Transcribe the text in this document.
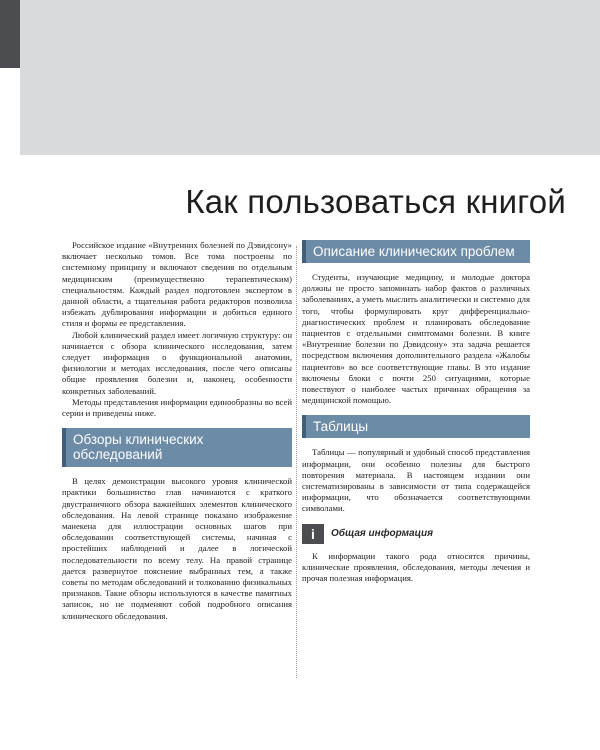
Как пользоваться книгой

Российское издание «Внутренних болезней по Дэвидсону» включает несколько томов. Все тома построены по системному принципу и включают сведения по отдельным медицинским (преимущественно терапевтическим) специальностям. Каждый раздел подготовлен экспертом в данной области, а тщательная работа редакторов позволила избежать дублирования информации и добиться единого стиля и формы ее представления.

Любой клинический раздел имеет логичную структуру: он начинается с обзора клинического исследования, затем следует информация о функциональной анатомии, физиологии и методах исследования, после чего описаны общие проявления болезни и, наконец, особенности конкретных заболеваний.

Методы представления информации единообразны во всей серии и приведены ниже.

Обзоры клинических обследований

В целях демонстрации высокого уровня клинической практики большинство глав начинаются с краткого двустраничного обзора важнейших элементов клинического обследования. На левой странице показано изображение манекена для иллюстрации основных шагов при обследовании соответствующей системы, начиная с простейших наблюдений и далее в логической последовательности по всему телу. На правой странице дается развернутое пояснение выбранных тем, а также советы по методам обследований и толкованию физикальных признаков. Такие обзоры используются в качестве памятных записок, но не подменяют собой подробного описания клинического обследования.

Описание клинических проблем

Студенты, изучающие медицину, и молодые доктора должны не просто запоминать набор фактов о различных заболеваниях, а уметь мыслить аналитически и системно для того, чтобы формулировать круг дифференциально-диагностических проблем и планировать обследование пациентов с отдельными симптомами болезни. В книге «Внутренние болезни по Дэвидсону» эта задача решается посредством включения дополнительного раздела «Жалобы пациентов» во все соответствующие главы. В это издание включены блоки с почти 250 ситуациями, которые повествуют о наиболее частых причинах обращения за медицинской помощью.

Таблицы

Таблицы — популярный и удобный способ представления информации, они особенно полезны для быстрого повторения материала. В настоящем издании они систематизированы в зависимости от типа содержащейся информации, что обозначается соответствующими символами.

i	Общая информация

К информации такого рода относятся причины, клинические проявления, обследования, методы лечения и прочая полезная информация.
